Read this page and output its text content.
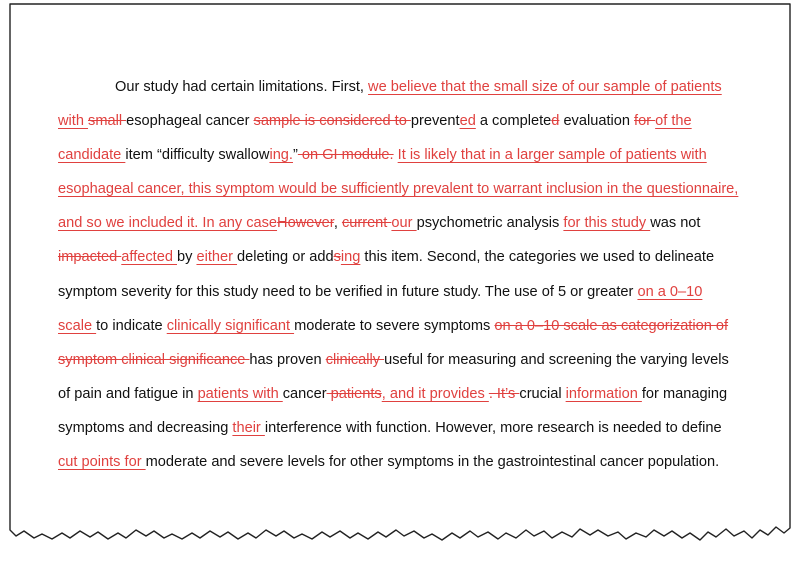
Our study had certain limitations. First, we believe that the small size of our sample of patients
with small esophageal cancer sample is considered to prevented a completed evaluation for of the
candidate item “difficulty swallowing.” on GI module. It is likely that in a larger sample of patients with
esophageal cancer, this symptom would be sufficiently prevalent to warrant inclusion in the questionnaire,
and so we included it. In any caseHowever, current our psychometric analysis for this study was not
impacted affected by either deleting or addsing this item. Second, the categories we used to delineate
symptom severity for this study need to be verified in future study. The use of 5 or greater on a 0–10
scale to indicate clinically significant moderate to severe symptoms on a 0–10 scale as categorization of
symptom clinical significance has proven clinically useful for measuring and screening the varying levels
of pain and fatigue in patients with cancer patients, and it provides . It’s crucial information for managing
symptoms and decreasing their interference with function. However, more research is needed to define
cut points for moderate and severe levels for other symptoms in the gastrointestinal cancer population.
